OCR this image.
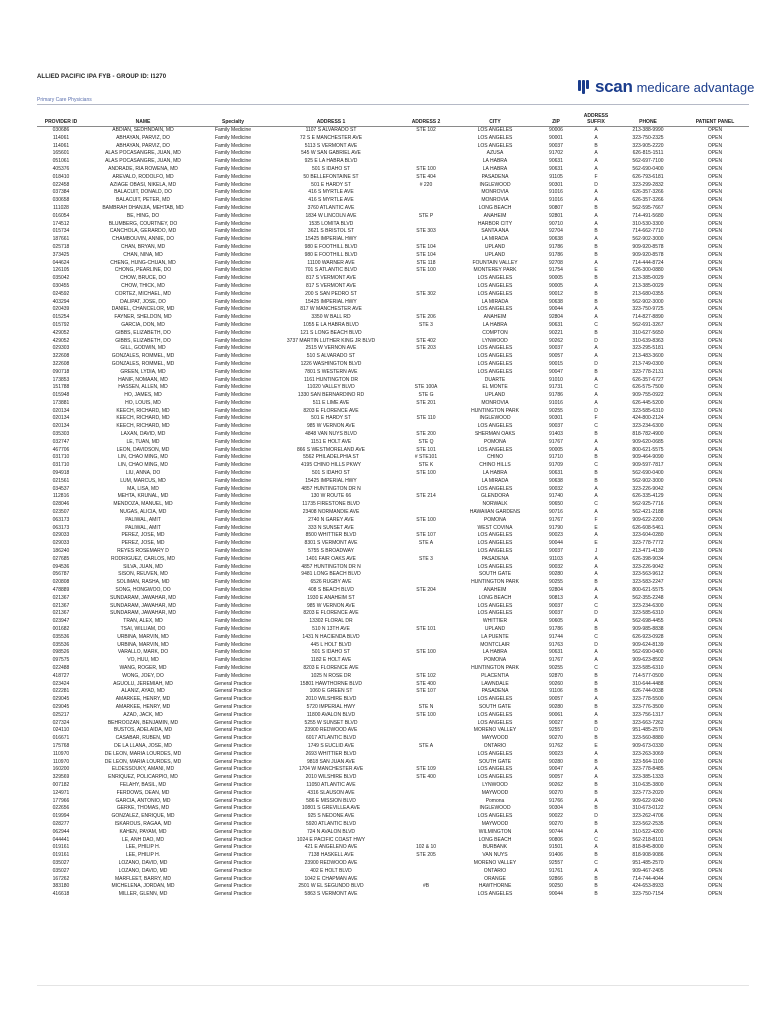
ALLIED PACIFIC IPA FYB - GROUP ID: I1270
Primary Care Physicians
scan medicare advantage
PROVIDER ID	NAME	Specialty	ADDRESS 1	ADDRESS 2	CITY	ZIP	ADDRESS SUFFIX	PHONE	PATIENT PANEL
030686	ABDIAN, SEDHNDAIN, MD	Family Medicine	1107 S ALVARADO ST	STE 102	LOS ANGELES	90006	A	213-388-9990	OPEN
114061	ABHAYAN, PARVIZ, DO	Family Medicine	72 S E MANCHESTER AVE		LOS ANGELES	90001	A	323-750-2325	OPEN
114061	ABHAYAN, PARVIZ, DO	Family Medicine	5113 S VERMONT AVE		LOS ANGELES	90037	B	323-905-2220	OPEN
165601	ALAS POCASANGRE, JUAN, MD	Family Medicine	545 W SAN GABRIEL AVE		AZUSA	91702	A	626-815-1511	OPEN
051061	ALAS POCASANGRE, JUAN, MD	Family Medicine	925 E LA HABRA BLVD		LA HABRA	90631	A	562-697-7100	OPEN
405376	ANDRADE, RIA ROWENA, MD	Family Medicine	501 S IDAHO ST	STE 100	LA HABRA	90631	A	562-690-0400	OPEN
018410	AREVALO, RODOLFO, MD	Family Medicine	50 BELLEFONTAINE ST	STE 404	PASADENA	91105	F	626-793-6181	OPEN
022458	AZIAGE OBASI, NIKELA, MD	Family Medicine	501 E HARDY ST	# 220	INGLEWOOD	90301	D	323-299-2832	OPEN
037384	BALACUIT, DONALD, DO	Family Medicine	416 S MYRTLE AVE		MONROVIA	91016	A	626-357-3266	OPEN
030658	BALACUIT, PETER, MD	Family Medicine	416 S MYRTLE AVE		MONROVIA	91016	A	626-357-3266	OPEN
111028	BAMBRAH DHANJIA, MEHTAB, MD	Family Medicine	3760 ATLANTIC AVE		LONG BEACH	90807	B	562-595-7667	OPEN
016054	BE, HING, DO	Family Medicine	1834 W LINCOLN AVE	STE P	ANAHEIM	92801	A	714-491-5680	OPEN
174512	BLUMBERG, COURTNEY, DO	Family Medicine	1535 LOMITA BLVD		HARBOR CITY	90710	A	310-530-3300	OPEN
015734	CANCHOLA, GERARDO, MD	Family Medicine	3621 S BRISTOL ST	STE 303	SANTA ANA	92704	B	714-662-7710	OPEN
187661	CHAMBOUVIN, ANNIE, DO	Family Medicine	15425 IMPERIAL HWY		LA MIRADA	90638	A	562-902-3000	OPEN
025718	CHAN, BRYAN, MD	Family Medicine	980 E FOOTHILL BLVD	STE 104	UPLAND	91786	B	909-920-8578	OPEN
373425	CHAN, NINA, MD	Family Medicine	980 E FOOTHILL BLVD	STE 104	UPLAND	91786	B	909-920-8578	OPEN
044624	CHENG, HUNG-CHUAN, MD	Family Medicine	11100 WARNER AVE	STE 118	FOUNTAIN VALLEY	92708	A	714-444-8724	OPEN
126105	CHONG, PEARLINE, DO	Family Medicine	701 S ATLANTIC BLVD	STE 100	MONTEREY PARK	91754	E	626-300-0880	OPEN
035042	CHOW, BRUCE, DO	Family Medicine	817 S VERMONT AVE		LOS ANGELES	90005	B	213-385-0029	OPEN
030455	CHOW, THICK, MD	Family Medicine	817 S VERMONT AVE		LOS ANGELES	90005	A	213-385-0029	OPEN
024592	CORTEZ, MICHAEL, MD	Family Medicine	200 S SAN PEDRO ST	STE 302	LOS ANGELES	90012	B	213-680-0355	OPEN
403294	DALIPAT, JOSE, DO	Family Medicine	15425 IMPERIAL HWY		LA MIRADA	90638	B	562-902-3000	OPEN
020439	DANIEL, CHANCELOR, MD	Family Medicine	817 W MANCHESTER AVE		LOS ANGELES	90044	A	323-750-9725	OPEN
015254	FAYNER, SHELDON, MD	Family Medicine	3350 W BALL RD	STE 206	ANAHEIM	92804	A	714-827-8890	OPEN
015792	GARCIA, DON, MD	Family Medicine	1055 E LA HABRA BLVD	STE 3	LA HABRA	90631	C	562-691-3267	OPEN
429052	GIBBS, ELIZABETH, DO	Family Medicine	121 S LONG BEACH BLVD		COMPTON	90221	B	310-627-5650	OPEN
429052	GIBBS, ELIZABETH, DO	Family Medicine	3737 MARTIN LUTHER KING JR BLVD	STE 402	LYNWOOD	90262	D	310-639-8363	OPEN
029303	GILL, GODWIN, MD	Family Medicine	2515 W VERNON AVE	STE 203	LOS ANGELES	90037	A	323-295-5181	OPEN
322608	GONZALES, ROMMEL, MD	Family Medicine	510 S ALVARADO ST		LOS ANGELES	90057	A	213-483-3600	OPEN
322608	GONZALES, ROMMEL, MD	Family Medicine	1226 WASHINGTON BLVD		LOS ANGELES	90015	D	213-749-0300	OPEN
090718	GREEN, LYDIA, MD	Family Medicine	7801 S WESTERN AVE		LOS ANGELES	90047	B	323-778-2131	OPEN
173853	HANIF, NOMAAN, MD	Family Medicine	1161 HUNTINGTON DR		DUARTE	91010	A	626-357-6727	OPEN
151788	HASSEN, ALLEN, MD	Family Medicine	11020 VALLEY BLVD	STE 100A	EL MONTE	91731	C	626-575-7500	OPEN
015948	HO, JAMES, MD	Family Medicine	1330 SAN BERNARDINO RD	STE G	UPLAND	91786	A	909-755-0922	OPEN
173881	HO, LOUIS, MD	Family Medicine	511 E LIME AVE	STE 201	MONROVIA	91016	A	626-445-5200	OPEN
020134	KEECH, RICHARD, MD	Family Medicine	8203 E FLORENCE AVE		HUNTINGTON PARK	90255	D	323-585-6310	OPEN
020134	KEECH, RICHARD, MD	Family Medicine	501 E HARDY ST	STE 110	INGLEWOOD	90301	F	424-800-2124	OPEN
020134	KEECH, RICHARD, MD	Family Medicine	985 W VERNON AVE		LOS ANGELES	90037	C	323-234-6300	OPEN
035303	LAXAN, DAVID, MD	Family Medicine	4848 VAN NUYS BLVD	STE 200	SHERMAN OAKS	91403	B	818-782-4900	OPEN
032747	LE, TUAN, MD	Family Medicine	1151 E HOLT AVE	STE Q	POMONA	91767	A	909-620-0685	OPEN
467706	LEON, DAVIDSON, MD	Family Medicine	866 S WESTMORELAND AVE	STE 101	LOS ANGELES	90005	A	800-621-5575	OPEN
031710	LIN, CHAO MING, MD	Family Medicine	5562 PHILADELPHIA ST	# STE101	CHINO	91710	B	909-464-9090	OPEN
031710	LIN, CHAO MING, MD	Family Medicine	4195 CHINO HILLS PKWY	STE K	CHINO HILLS	91709	C	909-597-7817	OPEN
094918	LIU, ANNA, DO	Family Medicine	501 S IDAHO ST	STE 100	LA HABRA	90631	B	562-690-0400	OPEN
021561	LUM, MARCUS, MD	Family Medicine	15425 IMPERIAL HWY		LA MIRADA	90638	B	562-902-3000	OPEN
034537	MA, LISA, MD	Family Medicine	4857 HUNTINGTON DR N		LOS ANGELES	90032	A	323-226-9042	OPEN
112816	MEHTA, KRUNAL, MD	Family Medicine	130 W ROUTE 66	STE 214	GLENDORA	91740	A	626-335-4129	OPEN
028046	MENDOZA, MANUEL, MD	Family Medicine	11735 FIRESTONE BLVD		NORWALK	90650	C	562-925-7716	OPEN
023507	NUGAS, ALICIA, MD	Family Medicine	23408 NORMANDIE AVE		HAWAIIAN GARDENS	90716	A	562-421-2188	OPEN
063173	PALIWAL, AMIT	Family Medicine	2740 N GAREY AVE	STE 100	POMONA	91767	F	909-622-2200	OPEN
063173	PALIWAL, AMIT	Family Medicine	333 N SUNSET AVE		WEST COVINA	91790	E	626-608-5461	OPEN
029033	PEREZ, JOSE, MD	Family Medicine	8500 WHITTIER BLVD	STE 107	LOS ANGELES	90023	A	323-604-0280	OPEN
029033	PEREZ, JOSE, MD	Family Medicine	8301 S VERMONT AVE	STE A	LOS ANGELES	90044	E	323-778-7772	OPEN
186240	REYES ROSEMARY D	Family Medicine	5755 S BROADWAY		LOS ANGELES	90037	J	213-471-4139	OPEN
027685	RODRIGUEZ, CARLOS, MD	Family Medicine	1401 FAIR OAKS AVE	STE 3	PASADENA	91103	A	626-398-9034	OPEN
094536	SILVA, JUAN, MD	Family Medicine	4857 HUNTINGTON DR N		LOS ANGELES	90032	A	323-226-9042	OPEN
056787	SISON, REUVEN, MD	Family Medicine	9481 LONG BEACH BLVD		SOUTH GATE	90280	A	323-563-9612	OPEN
020808	SOLIMAN, RASHA, MD	Family Medicine	6526 RUGBY AVE		HUNTINGTON PARK	90255	B	323-583-2247	OPEN
478889	SONG, HONGWOO, DO	Family Medicine	408 S BEACH BLVD	STE 204	ANAHEIM	92804	A	800-621-5575	OPEN
021367	SUNDARAM, JAWAHAR, MD	Family Medicine	1930 E ANAHEIM ST		LONG BEACH	90813	A	562-355-2248	OPEN
021367	SUNDARAM, JAWAHAR, MD	Family Medicine	985 W VERNON AVE		LOS ANGELES	90037	C	323-234-6300	OPEN
021367	SUNDARAM, JAWAHAR, MD	Family Medicine	8203 E FLORENCE AVE		LOS ANGELES	90037	D	323-585-6310	OPEN
023947	TRAN, ALEX, MD	Family Medicine	13302 FLORAL DR		WHITTIER	90605	A	562-698-4455	OPEN
001682	TSAI, WILLIAM, DO	Family Medicine	510 N 13TH AVE	STE 101	UPLAND	91786	B	909-985-8838	OPEN
035536	URBINA, MARVIN, MD	Family Medicine	1431 N HACIENDA BLVD		LA PUENTE	91744	C	626-923-0928	OPEN
035536	URBINA, MARVIN, MD	Family Medicine	445 L HOLT BLVD		MONTCLAIR	91763	D	909-624-8139	OPEN
098526	VARALLO, MARK, DO	Family Medicine	501 S IDAHO ST	STE 100	LA HABRA	90631	A	562-690-0400	OPEN
097575	VO, HUU, MD	Family Medicine	1182 E HOLT AVE		POMONA	91767	A	909-623-8502	OPEN
022488	WANG, ROGER, MD	Family Medicine	8203 E FLORENCE AVE		HUNTINGTON PARK	90255	C	323-585-6310	OPEN
418727	WONG, JOEY, DO	Family Medicine	1025 N ROSE DR	STE 102	PLACENTIA	92870	B	714-577-0500	OPEN
023424	AGUOLU, JEREMIAH, MD	General Practice	15801 HAWTHORNE BLVD	STE 400	LAWNDALE	90260	B	310-644-4488	OPEN
022281	ALANIZ, AYAD, MD	General Practice	1060 E GREEN ST	STE 107	PASADENA	91106	B	626-744-0038	OPEN
029045	AMARKEE, HENRY, MD	General Practice	2010 WILSHIRE BLVD		LOS ANGELES	90057	A	323-778-5500	OPEN
029045	AMARKEE, HENRY, MD	General Practice	5720 IMPERIAL HWY	STE N	SOUTH GATE	90280	B	323-776-3500	OPEN
025217	AZAD, JACK, MD	General Practice	11800 AVALON BLVD	STE 100	LOS ANGELES	90061	A	323-756-1317	OPEN
027324	BEHROOZAN, BENJAMIN, MD	General Practice	5255 W SUNSET BLVD		LOS ANGELES	90027	B	323-663-7262	OPEN
024110	BUSTOS, ADELAIDA, MD	General Practice	23900 REDWOOD AVE		MORENO VALLEY	92557	D	951-485-2570	OPEN
016671	CASABAR, RUBEN, MD	General Practice	6017 ATLANTIC BLVD		MAYWOOD	90270	B	323-560-8880	OPEN
175768	DE LA LLANA, JOSE, MD	General Practice	1749 S EUCLID AVE	STE A	ONTARIO	91762	E	909-673-0330	OPEN
110970	DE LEON, MARIA LOURDES, MD	General Practice	2693 WHITTIER BLVD		LOS ANGELES	90023	A	323-263-3069	OPEN
110970	DE LEON, MARIA LOURDES, MD	General Practice	9818 SAN JUAN AVE		SOUTH GATE	90280	B	323-564-1100	OPEN
160200	ELDESSOUKY, AMANI, MD	General Practice	1704 W MANCHESTER AVE	STE 109	LOS ANGELES	90047	A	323-778-8485	OPEN
329569	ENRIQUEZ, POLICARPIO, MD	General Practice	2010 WILSHIRE BLVD	STE 400	LOS ANGELES	90057	A	323-385-1333	OPEN
007182	FELAHY, BASIL, MD	General Practice	11050 ATLANTIC AVE		LYNWOOD	90262	B	310-635-3800	OPEN
124971	FERDOWS, DEAN, MD	General Practice	4316 SLAUSON AVE		MAYWOOD	90270	B	323-773-2020	OPEN
177966	GARCIA, ANTONIO, MD	General Practice	586 E MISSION BLVD		Pomona	91766	A	909-622-9240	OPEN
022656	GERKE, THOMAS, MD	General Practice	10801 S GREVILLEA AVE		INGLEWOOD	90304	B	310-673-0122	OPEN
019994	GONZALEZ, ENRIQUE, MD	General Practice	925 S NEDONE AVE		LOS ANGELES	90022	D	323-262-4706	OPEN
028277	ISKAROUS, RAGAA, MD	General Practice	5920 ATLANTIC BLVD		MAYWOOD	90270	B	323-562-2535	OPEN
062944	KAHEN, PAYAM, MD	General Practice	724 N AVALON BLVD		WILMINGTON	90744	A	310-522-4200	OPEN
044441	LE, ANH DAO, MD	General Practice	1024 E PACIFIC COAST HWY		LONG BEACH	90806	C	562-218-8101	OPEN
019161	LEE, PHILIP H.	General Practice	421 E ANGELENO AVE	102 & 10	BURBANK	91501	A	818-845-8000	OPEN
019161	LEE, PHILIP H.	General Practice	7138 HASKELL AVE	STE 205	VAN NUYS	91406	B	818-908-9086	OPEN
035027	LOZANO, DAVID, MD	General Practice	23900 REDWOOD AVE		MORENO VALLEY	92557	C	951-485-2570	OPEN
035027	LOZANO, DAVID, MD	General Practice	402 E HOLT BLVD		ONTARIO	91761	A	909-467-2405	OPEN
167262	MARFLEET, BARRY, MD	General Practice	1042 E CHAPMAN AVE		ORANGE	92866	B	714-744-4044	OPEN
383180	MICHELENA, JORDAN, MD	General Practice	2501 W EL SEGUNDO BLVD	#B	HAWTHORNE	90250	B	424-653-8933	OPEN
416618	MILLER, GLENN, MD	General Practice	5863 S VERMONT AVE		LOS ANGELES	90044	B	323-750-7154	OPEN
